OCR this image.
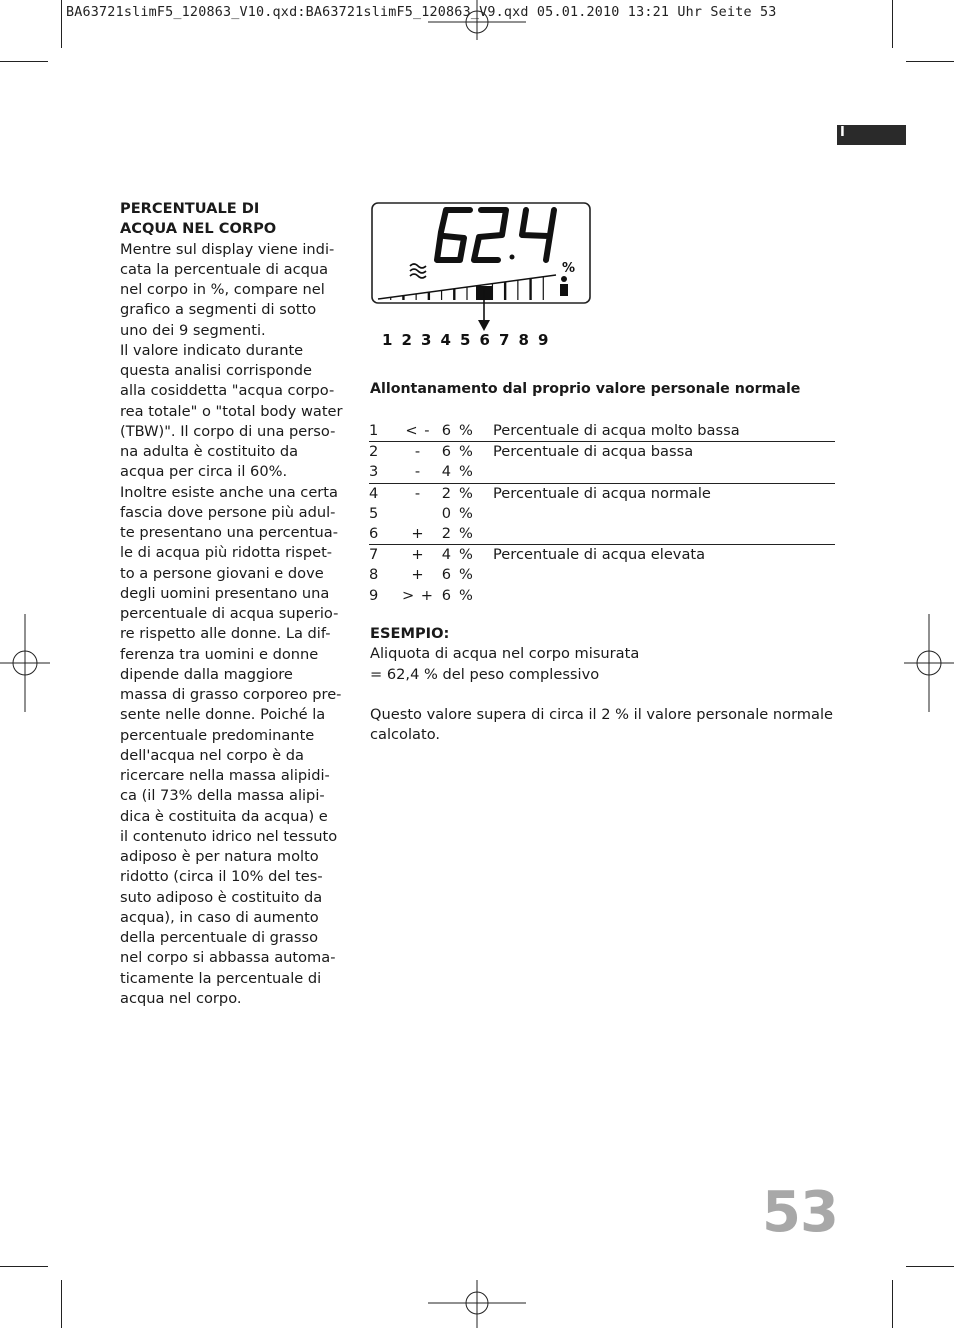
BA63721slimF5_120863_V10.qxd:BA63721slimF5_120863_V9.qxd 05.01.2010 13:21 Uhr Seite 53
I
PERCENTUALE DI
ACQUA NEL CORPO
Mentre sul display viene indi-
cata la percentuale di acqua
nel corpo in %, compare nel
grafico a segmenti di sotto
uno dei 9 segmenti.
Il valore indicato durante
questa analisi corrisponde
alla cosiddetta "acqua corpo-
rea totale" o "total body water
(TBW)". Il corpo di una perso-
na adulta è costituito da
acqua per circa il 60%.
Inoltre esiste anche una certa
fascia dove persone più adul-
te presentano una percentua-
le di acqua più ridotta rispet-
to a persone giovani e dove
degli uomini presentano una
percentuale di acqua superio-
re rispetto alle donne. La dif-
ferenza tra uomini e donne
dipende dalla maggiore
massa di grasso corporeo pre-
sente nelle donne. Poiché la
percentuale predominante
dell'acqua nel corpo è da
ricercare nella massa alipidi-
ca (il 73% della massa alipi-
dica è costituita da acqua) e
il contenuto idrico nel tessuto
adiposo è per natura molto
ridotto (circa il 10% del tes-
suto adiposo è costituito da
acqua), in caso di aumento
della percentuale di grasso
nel corpo si abbassa automa-
ticamente la percentuale di
acqua nel corpo.
%
1 2 3 4 5 6 7 8 9
Allontanamento dal proprio valore personale normale
1	< -	6	%	Percentuale di acqua molto bassa
2	-	6	%	Percentuale di acqua bassa
3	-	4	%	
4	-	2	%	Percentuale di acqua normale
5		0	%	
6	+	2	%	
7	+	4	%	Percentuale di acqua elevata
8	+	6	%	
9	> +	6	%	
ESEMPIO:
Aliquota di acqua nel corpo misurata
= 62,4 % del peso complessivo
Questo valore supera di circa il 2 % il valore personale normale
calcolato.
53
